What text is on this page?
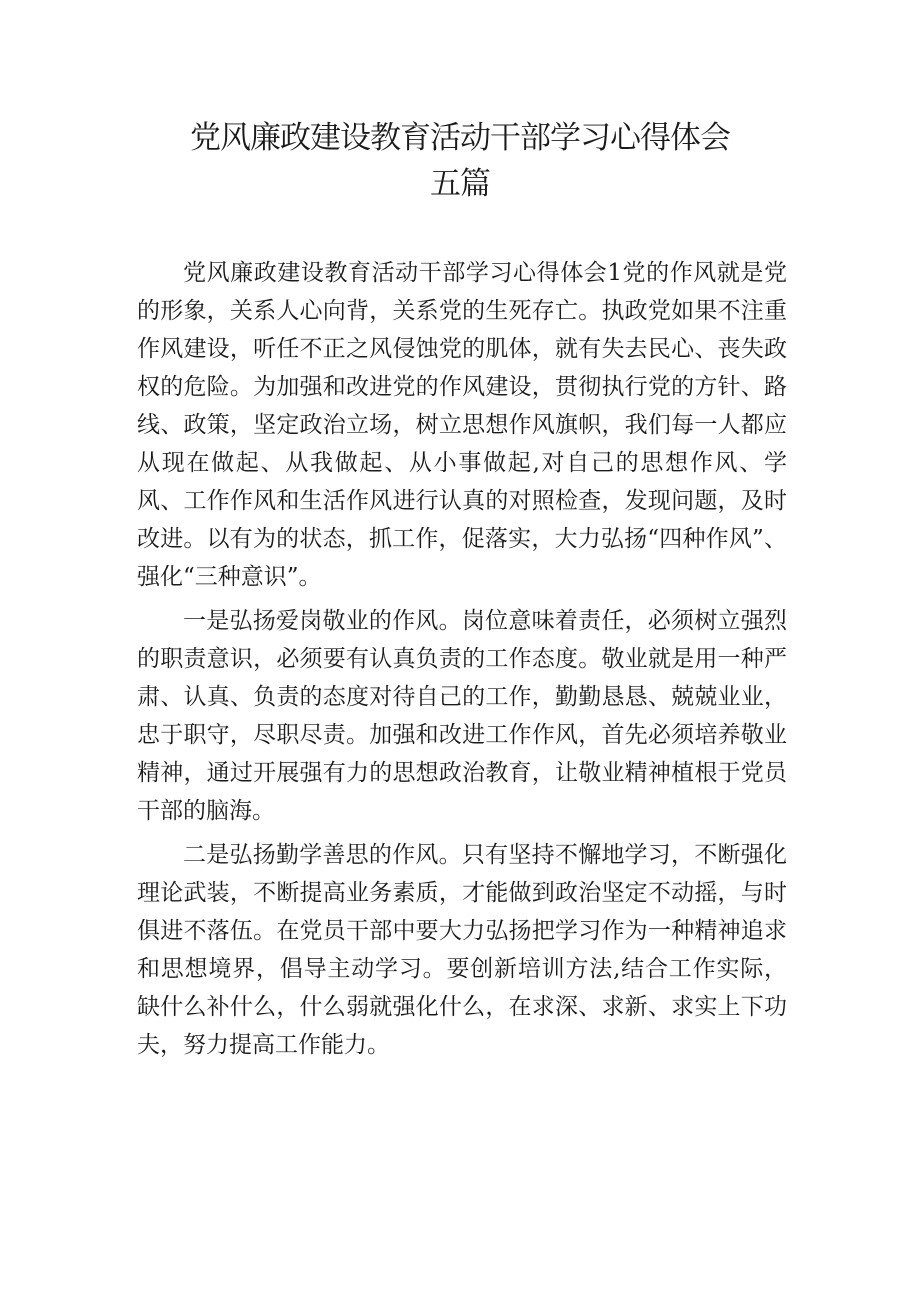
党风廉政建设教育活动干部学习心得体会
五篇

党风廉政建设教育活动干部学习心得体会1党的作风就是党的形象，关系人心向背，关系党的生死存亡。执政党如果不注重作风建设，听任不正之风侵蚀党的肌体，就有失去民心、丧失政权的危险。为加强和改进党的作风建设，贯彻执行党的方针、路线、政策，坚定政治立场，树立思想作风旗帜，我们每一人都应从现在做起、从我做起、从小事做起,对自己的思想作风、学风、工作作风和生活作风进行认真的对照检查，发现问题，及时改进。以有为的状态，抓工作，促落实，大力弘扬“四种作风”、强化“三种意识”。

一是弘扬爱岗敬业的作风。岗位意味着责任，必须树立强烈的职责意识，必须要有认真负责的工作态度。敬业就是用一种严肃、认真、负责的态度对待自己的工作，勤勤恳恳、兢兢业业，忠于职守，尽职尽责。加强和改进工作作风，首先必须培养敬业精神，通过开展强有力的思想政治教育，让敬业精神植根于党员干部的脑海。

二是弘扬勤学善思的作风。只有坚持不懈地学习，不断强化理论武装，不断提高业务素质，才能做到政治坚定不动摇，与时俱进不落伍。在党员干部中要大力弘扬把学习作为一种精神追求和思想境界，倡导主动学习。要创新培训方法,结合工作实际，缺什么补什么，什么弱就强化什么，在求深、求新、求实上下功夫，努力提高工作能力。
